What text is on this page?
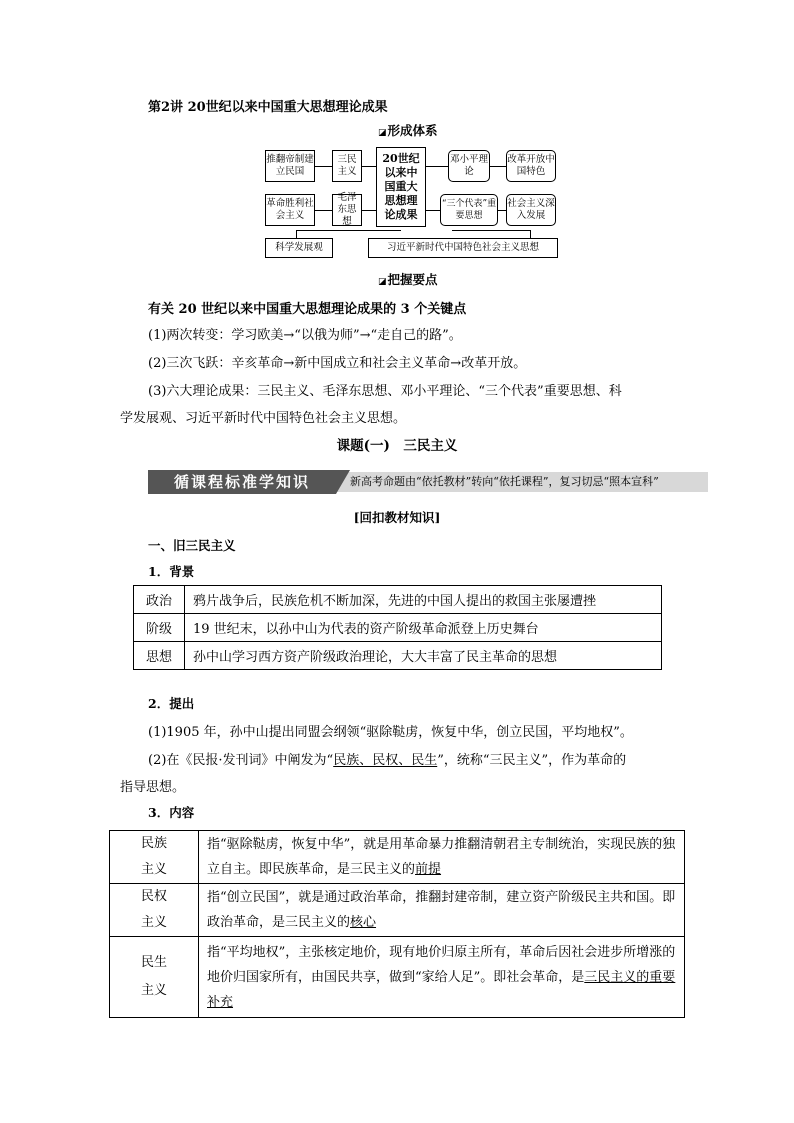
第2讲 20世纪以来中国重大思想理论成果
◪形成体系
推翻帝制建立民国
三民主义
革命胜利社会主义
毛泽东思想
20世纪以来中国重大思想理论成果
邓小平理论
改革开放中国特色
“三个代表”重要思想
社会主义深入发展
科学发展观	习近平新时代中国特色社会主义思想
◪把握要点
有关 20 世纪以来中国重大思想理论成果的 3 个关键点
(1)两次转变：学习欧美→“以俄为师”→“走自己的路”。
(2)三次飞跃：辛亥革命→新中国成立和社会主义革命→改革开放。
(3)六大理论成果：三民主义、毛泽东思想、邓小平理论、“三个代表”重要思想、科
学发展观、习近平新时代中国特色社会主义思想。
课题(一)　三民主义
新高考命题由“依托教材”转向“依托课程”，复习切忌“照本宣科”
循课程标准学知识
[回扣教材知识]
一、旧三民主义
1．背景
政治	鸦片战争后，民族危机不断加深，先进的中国人提出的救国主张屡遭挫
阶级	19 世纪末，以孙中山为代表的资产阶级革命派登上历史舞台
思想	孙中山学习西方资产阶级政治理论，大大丰富了民主革命的思想
2．提出
(1)1905 年，孙中山提出同盟会纲领“驱除鞑虏，恢复中华，创立民国，平均地权”。
(2)在《民报·发刊词》中阐发为“民族、民权、民生”，统称“三民主义”，作为革命的
指导思想。
3．内容
民族主义	指“驱除鞑虏，恢复中华”，就是用革命暴力推翻清朝君主专制统治，实现民族的独立自主。即民族革命，是三民主义的前提
民权主义	指“创立民国”，就是通过政治革命，推翻封建帝制，建立资产阶级民主共和国。即政治革命，是三民主义的核心
民生主义	指“平均地权”，主张核定地价，现有地价归原主所有，革命后因社会进步所增涨的地价归国家所有，由国民共享，做到“家给人足”。即社会革命，是三民主义的重要补充
